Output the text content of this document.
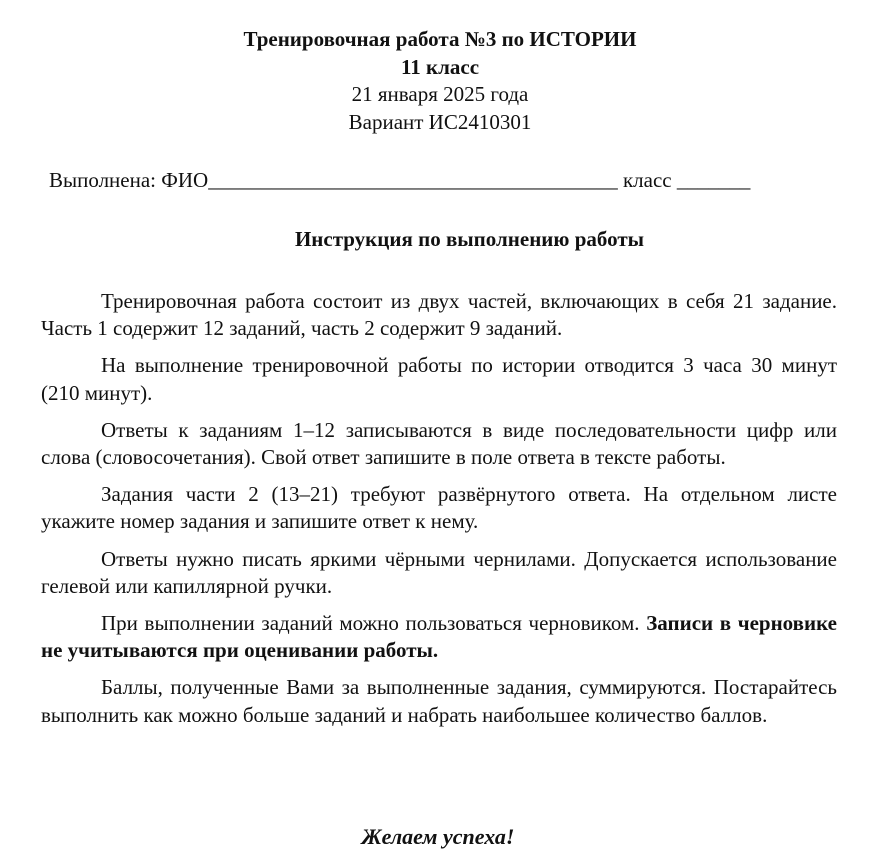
Тренировочная работа №3 по ИСТОРИИ
11 класс
21 января 2025 года
Вариант ИС2410301
Выполнена: ФИО_______________________________________ класс _______
Инструкция по выполнению работы

Тренировочная работа состоит из двух частей, включающих в себя 21 задание. Часть 1 содержит 12 заданий, часть 2 содержит 9 заданий.

На выполнение тренировочной работы по истории отводится 3 часа 30 минут (210 минут).

Ответы к заданиям 1–12 записываются в виде последовательности цифр или слова (словосочетания). Свой ответ запишите в поле ответа в тексте работы.

Задания части 2 (13–21) требуют развёрнутого ответа. На отдельном листе укажите номер задания и запишите ответ к нему.

Ответы нужно писать яркими чёрными чернилами. Допускается использование гелевой или капиллярной ручки.

При выполнении заданий можно пользоваться черновиком. Записи в черновике не учитываются при оценивании работы.

Баллы, полученные Вами за выполненные задания, суммируются. Постарайтесь выполнить как можно больше заданий и набрать наибольшее количество баллов.

Желаем успеха!
